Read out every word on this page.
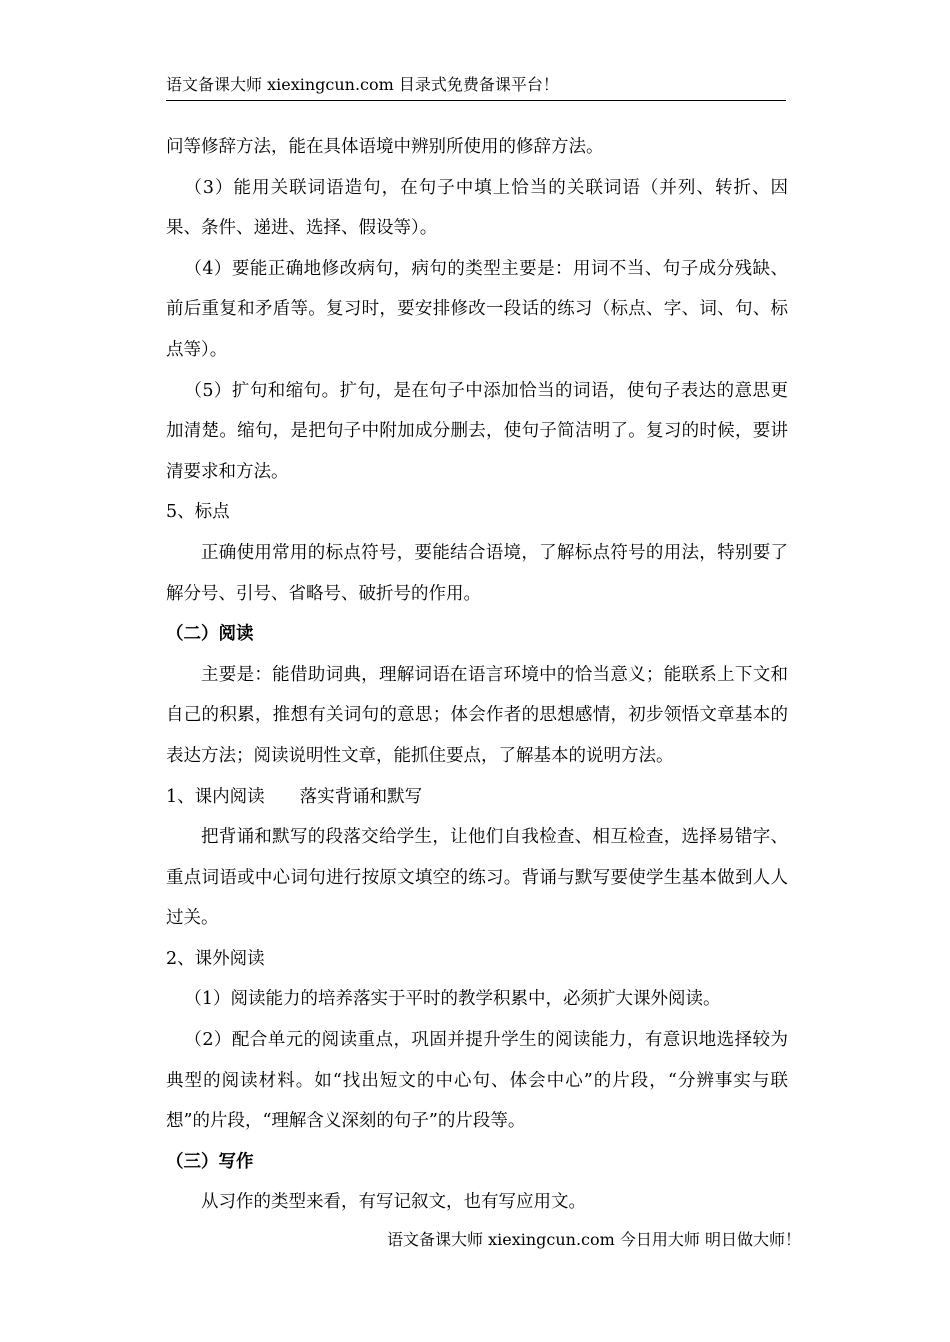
语文备课大师 xiexingcun.com 目录式免费备课平台！

问等修辞方法，能在具体语境中辨别所使用的修辞方法。

（3）能用关联词语造句，在句子中填上恰当的关联词语（并列、转折、因果、条件、递进、选择、假设等）。

（4）要能正确地修改病句，病句的类型主要是：用词不当、句子成分残缺、前后重复和矛盾等。复习时，要安排修改一段话的练习（标点、字、词、句、标点等）。

（5）扩句和缩句。扩句，是在句子中添加恰当的词语，使句子表达的意思更加清楚。缩句，是把句子中附加成分删去，使句子简洁明了。复习的时候，要讲清要求和方法。

5、标点

正确使用常用的标点符号，要能结合语境，了解标点符号的用法，特别要了解分号、引号、省略号、破折号的作用。

（二）阅读

主要是：能借助词典，理解词语在语言环境中的恰当意义；能联系上下文和自己的积累，推想有关词句的意思；体会作者的思想感情，初步领悟文章基本的表达方法；阅读说明性文章，能抓住要点，了解基本的说明方法。

1、课内阅读　　落实背诵和默写

把背诵和默写的段落交给学生，让他们自我检查、相互检查，选择易错字、重点词语或中心词句进行按原文填空的练习。背诵与默写要使学生基本做到人人过关。

2、课外阅读

（1）阅读能力的培养落实于平时的教学积累中，必须扩大课外阅读。

（2）配合单元的阅读重点，巩固并提升学生的阅读能力，有意识地选择较为典型的阅读材料。如“找出短文的中心句、体会中心”的片段，“分辨事实与联想”的片段，“理解含义深刻的句子”的片段等。

（三）写作

从习作的类型来看，有写记叙文，也有写应用文。

语文备课大师 xiexingcun.com 今日用大师 明日做大师！
